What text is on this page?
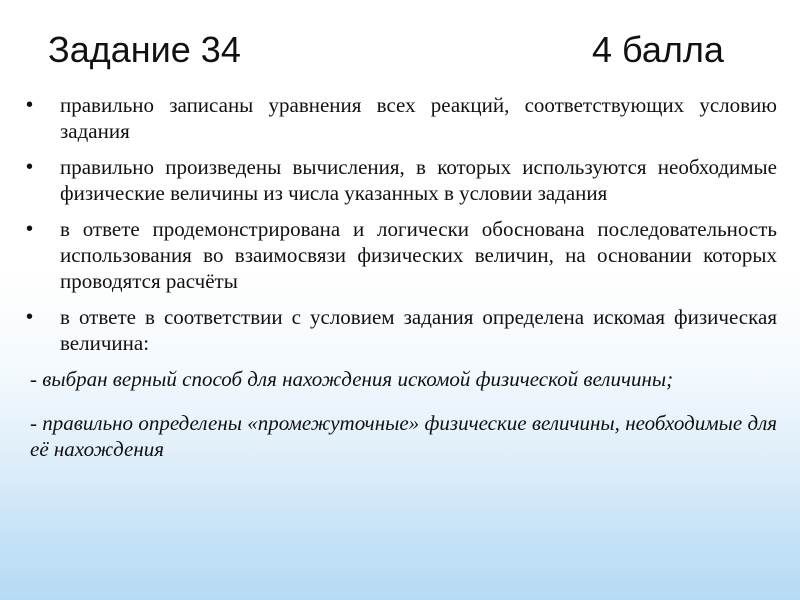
Задание 34	4 балла
• правильно записаны уравнения всех реакций, соответствующих условию задания
• правильно произведены вычисления, в которых используются необходимые физические величины из числа указанных в условии задания
• в ответе продемонстрирована и логически обоснована последовательность использования во взаимосвязи физических величин, на основании которых проводятся расчёты
• в ответе в соответствии с условием задания определена искомая физическая величина:
- выбран верный способ для нахождения искомой физической величины;
- правильно определены «промежуточные» физические величины, необходимые для её нахождения
